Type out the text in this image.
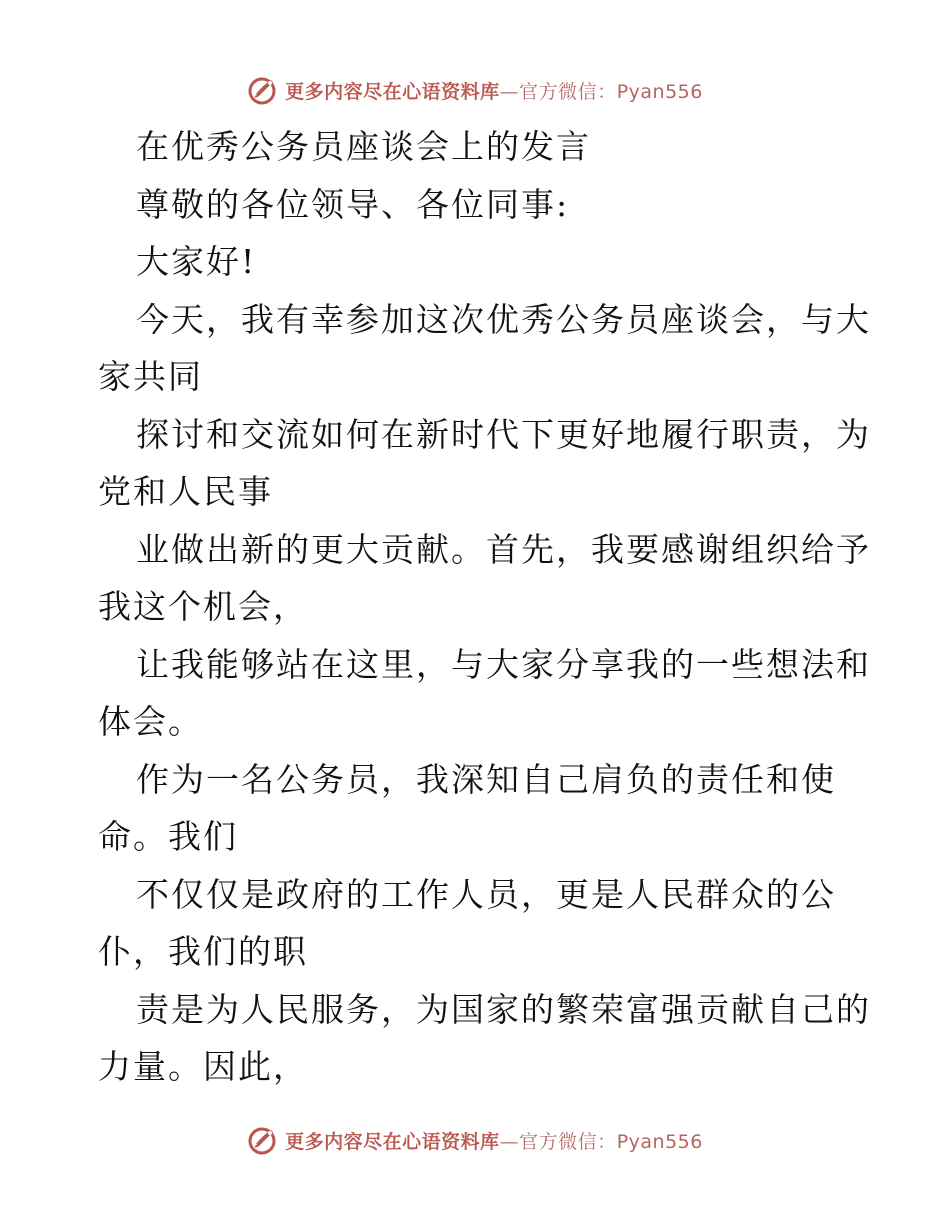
更多内容尽在心语资料库—官方微信：Pyan556
在优秀公务员座谈会上的发言
尊敬的各位领导、各位同事:
大家好!
今天，我有幸参加这次优秀公务员座谈会，与大
家共同
探讨和交流如何在新时代下更好地履行职责，为
党和人民事
业做出新的更大贡献。首先，我要感谢组织给予
我这个机会，
让我能够站在这里，与大家分享我的一些想法和
体会。
作为一名公务员，我深知自己肩负的责任和使
命。我们
不仅仅是政府的工作人员，更是人民群众的公
仆，我们的职
责是为人民服务，为国家的繁荣富强贡献自己的
力量。因此，
更多内容尽在心语资料库—官方微信：Pyan556
